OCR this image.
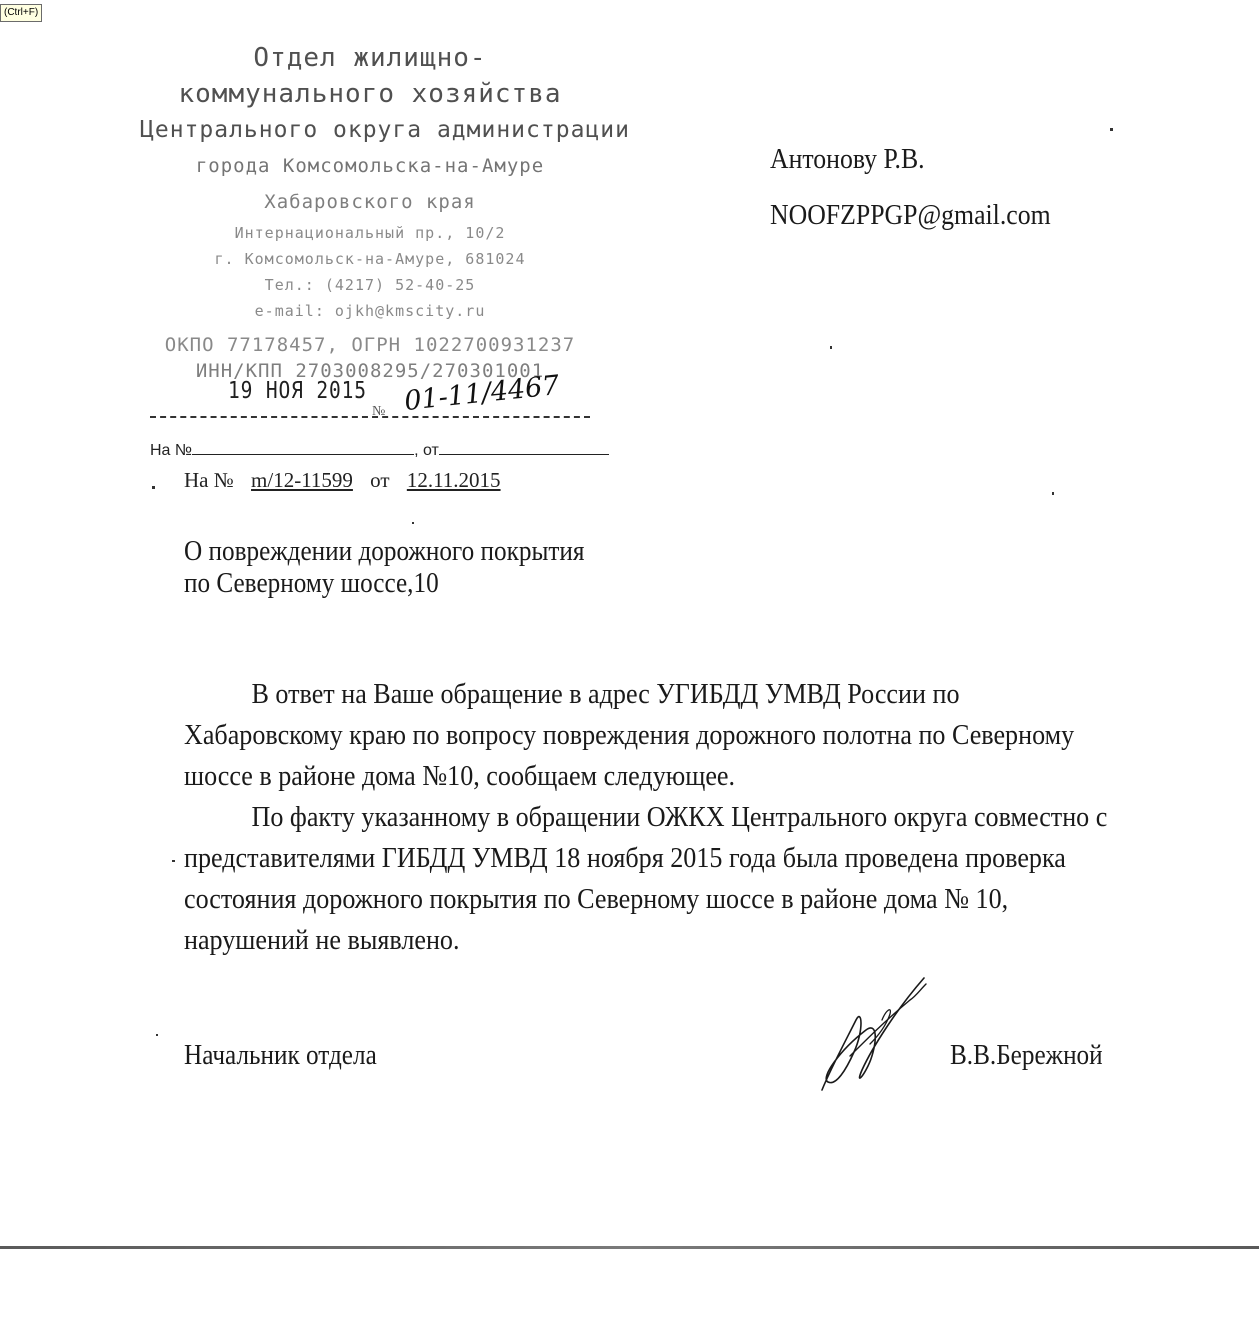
(Ctrl+F)
Отдел жилищно-
коммунального хозяйства
Центрального округа администрации
города Комсомольска-на-Амуре
Хабаровского края
Интернациональный пр., 10/2
г. Комсомольск-на-Амуре, 681024
Тел.: (4217) 52-40-25
e-mail: ojkh@kmscity.ru
ОКПО 77178457, ОГРН 1022700931237
ИНН/КПП 2703008295/270301001
19 НОЯ 2015
№ 01-11/4467
На №	, от
На № m/12-11599 от 12.11.2015
Антонову Р.В.
NOOFZPPGP@gmail.com
О повреждении дорожного покрытия
по Северному шоссе,10

В ответ на Ваше обращение в адрес УГИБДД УМВД России по Хабаровскому краю по вопросу повреждения дорожного полотна по Северному шоссе в районе дома №10, сообщаем следующее.

По факту указанному в обращении ОЖКХ Центрального округа совместно с представителями ГИБДД УМВД 18 ноября 2015 года была проведена проверка состояния дорожного покрытия по Северному шоссе в районе дома № 10, нарушений не выявлено.

Начальник отдела	В.В.Бережной
